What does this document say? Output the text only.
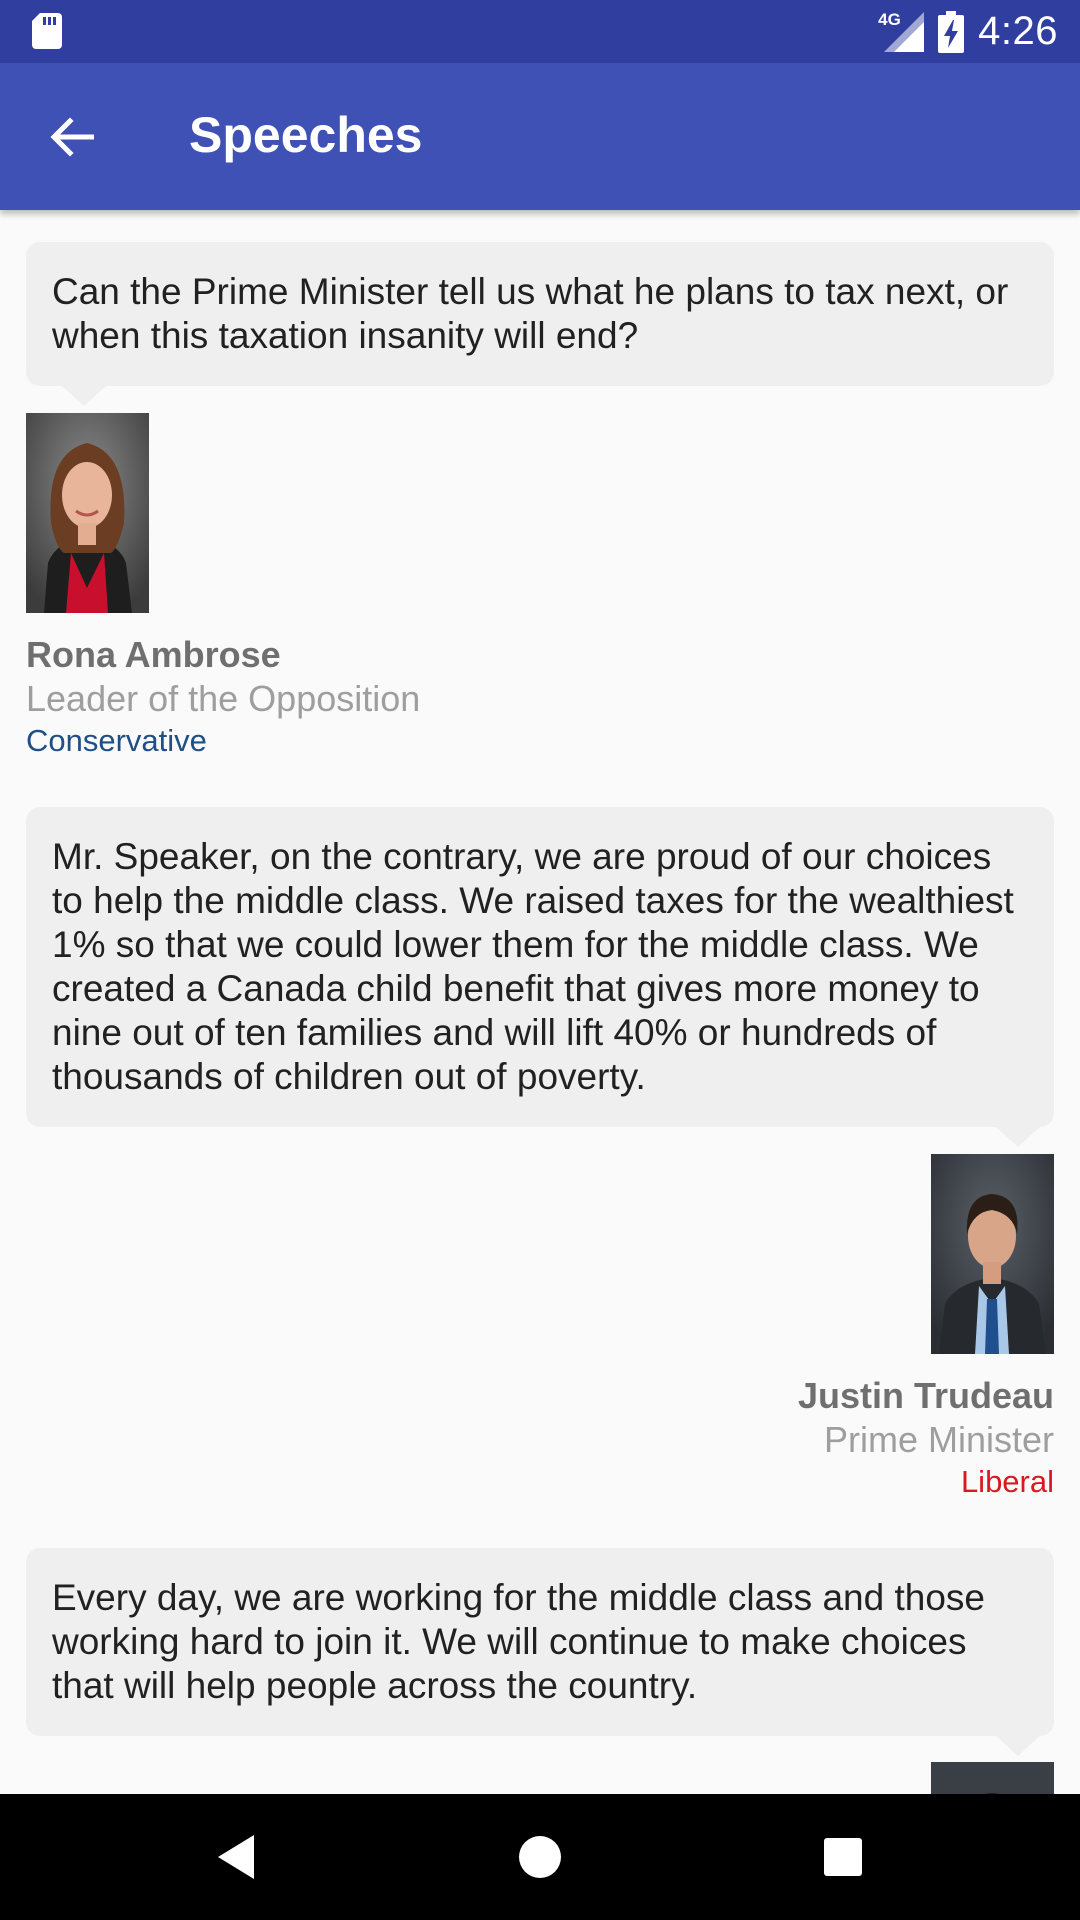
4G 4:26
Speeches
Can the Prime Minister tell us what he plans to tax next, or when this taxation insanity will end?
Rona Ambrose
Leader of the Opposition
Conservative
Mr. Speaker, on the contrary, we are proud of our choices to help the middle class. We raised taxes for the wealthiest 1% so that we could lower them for the middle class. We created a Canada child benefit that gives more money to nine out of ten families and will lift 40% or hundreds of thousands of children out of poverty.
Justin Trudeau
Prime Minister
Liberal
Every day, we are working for the middle class and those working hard to join it. We will continue to make choices that will help people across the country.
